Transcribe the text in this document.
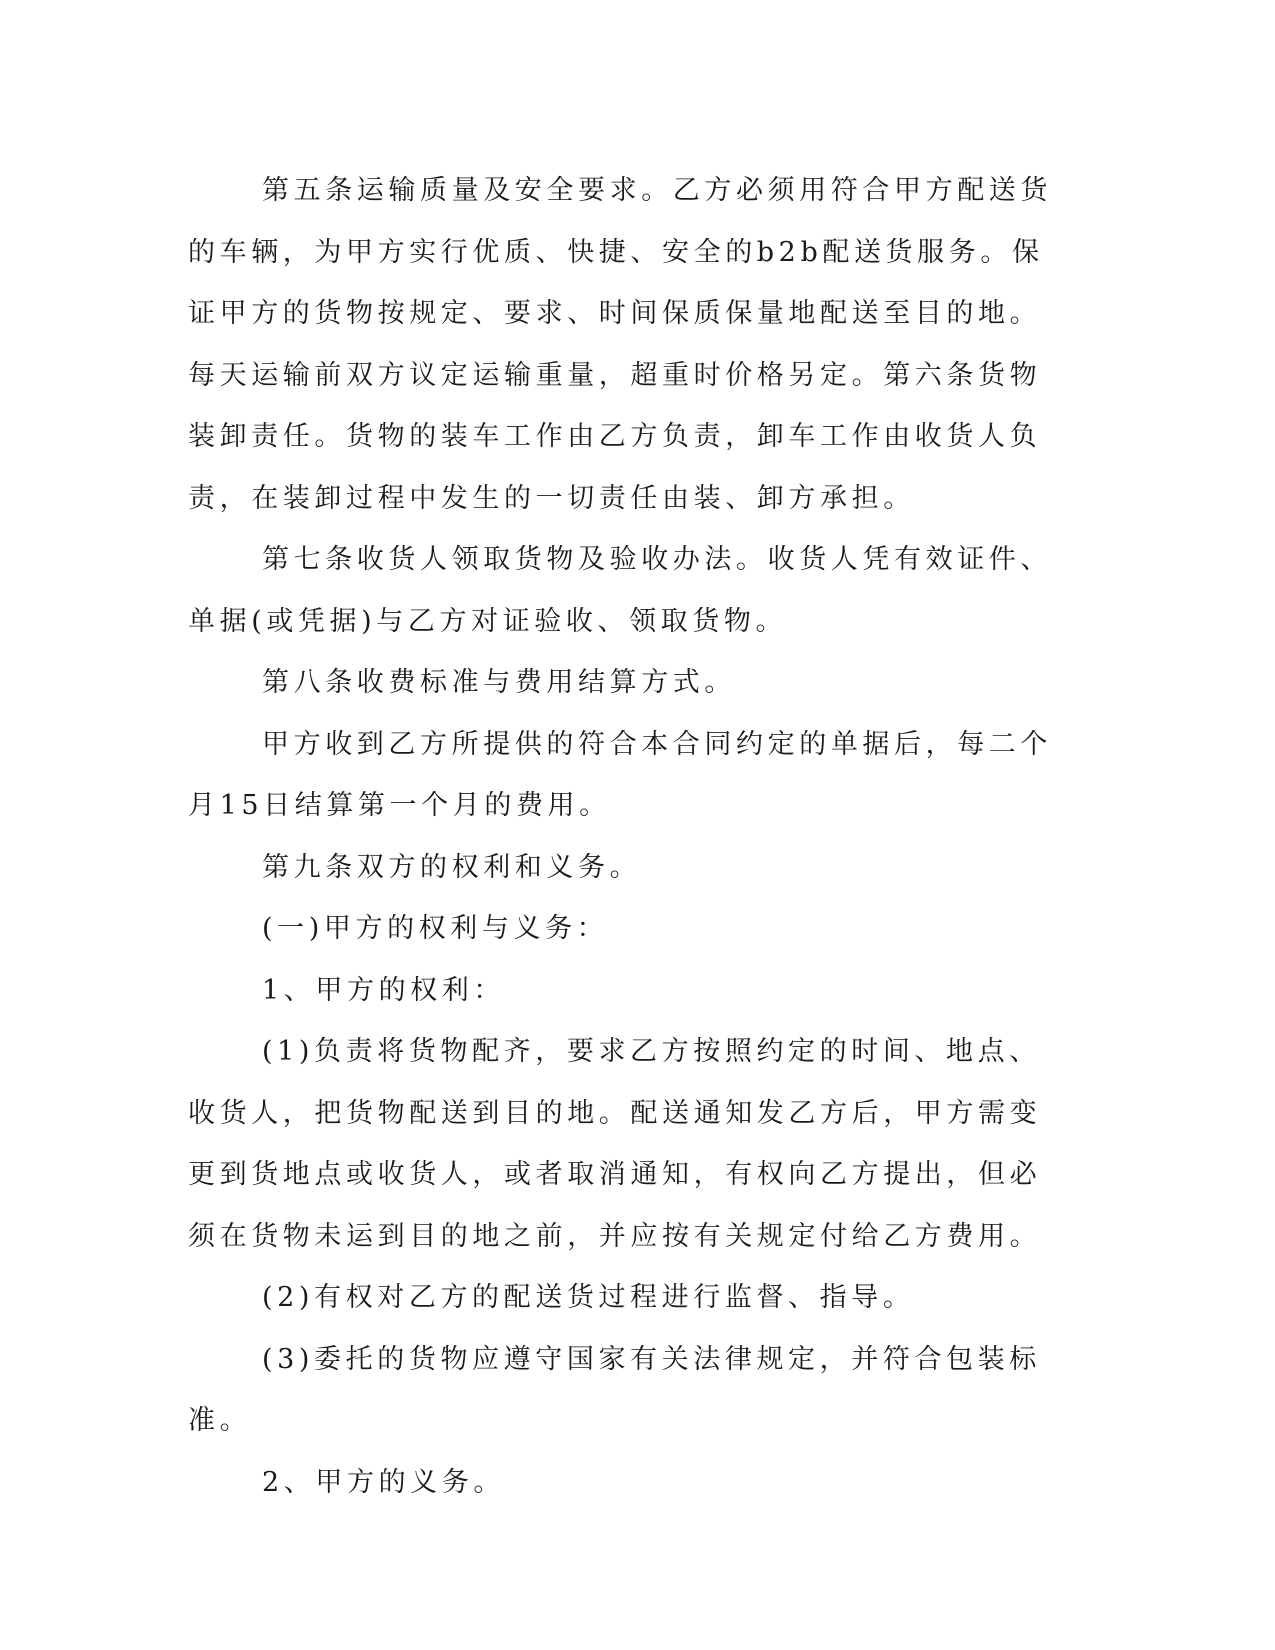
第五条运输质量及安全要求。乙方必须用符合甲方配送货的车辆，为甲方实行优质、快捷、安全的b2b配送货服务。保证甲方的货物按规定、要求、时间保质保量地配送至目的地。每天运输前双方议定运输重量，超重时价格另定。第六条货物装卸责任。货物的装车工作由乙方负责，卸车工作由收货人负责，在装卸过程中发生的一切责任由装、卸方承担。

第七条收货人领取货物及验收办法。收货人凭有效证件、单据(或凭据)与乙方对证验收、领取货物。

第八条收费标准与费用结算方式。

甲方收到乙方所提供的符合本合同约定的单据后，每二个月15日结算第一个月的费用。

第九条双方的权利和义务。

(一)甲方的权利与义务：

1、甲方的权利：

(1)负责将货物配齐，要求乙方按照约定的时间、地点、收货人，把货物配送到目的地。配送通知发乙方后，甲方需变更到货地点或收货人，或者取消通知，有权向乙方提出，但必须在货物未运到目的地之前，并应按有关规定付给乙方费用。

(2)有权对乙方的配送货过程进行监督、指导。

(3)委托的货物应遵守国家有关法律规定，并符合包装标准。

2、甲方的义务。
